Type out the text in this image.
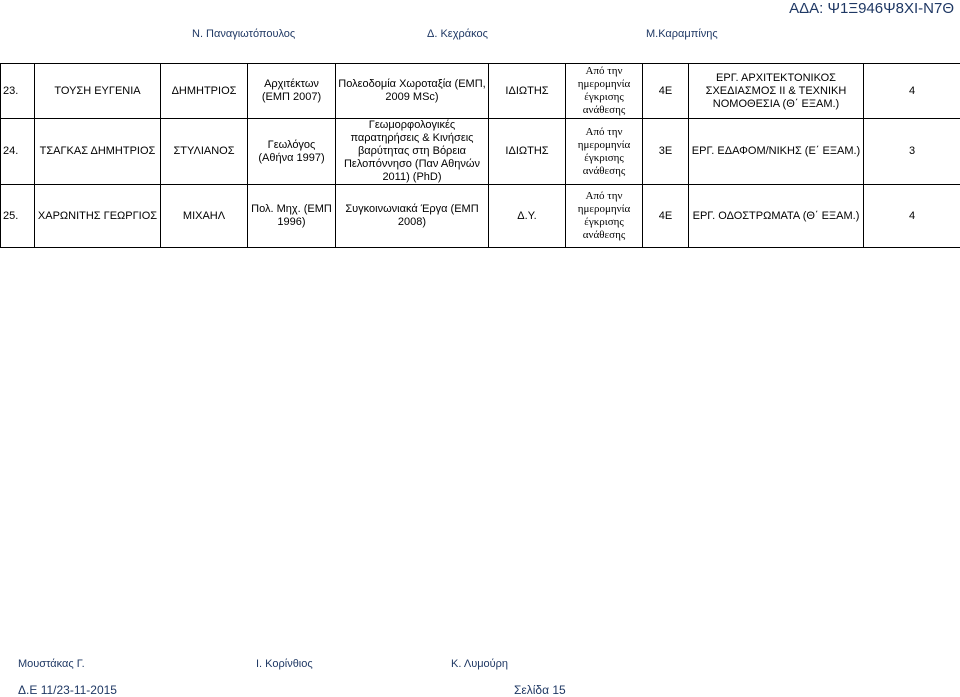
ΑΔΑ: Ψ1Ξ946Ψ8ΧΙ-Ν7Θ
Ν. Παναγιωτόπουλος	Δ. Κεχράκος	Μ.Καραμπίνης
23.	ΤΟΥΣΗ ΕΥΓΕΝΙΑ	ΔΗΜΗΤΡΙΟΣ	Αρχιτέκτων (ΕΜΠ 2007)	Πολεοδομία Χωροταξία (ΕΜΠ, 2009 MSc)	ΙΔΙΩΤΗΣ	Από την ημερομηνία έγκρισης ανάθεσης	4Ε	ΕΡΓ. ΑΡΧΙΤΕΚΤΟΝΙΚΟΣ ΣΧΕΔΙΑΣΜΟΣ ΙΙ & ΤΕΧΝΙΚΗ ΝΟΜΟΘΕΣΙΑ (Θ΄ ΕΞΑΜ.)	4
24.	ΤΣΑΓΚΑΣ ΔΗΜΗΤΡΙΟΣ	ΣΤΥΛΙΑΝΟΣ	Γεωλόγος (Αθήνα 1997)	Γεωμορφολογικές παρατηρήσεις & Κινήσεις βαρύτητας στη Βόρεια Πελοπόννησο (Παν Αθηνών 2011) (PhD)	ΙΔΙΩΤΗΣ	Από την ημερομηνία έγκρισης ανάθεσης	3Ε	ΕΡΓ. ΕΔΑΦΟΜ/ΝΙΚΗΣ (Ε΄ ΕΞΑΜ.)	3
25.	ΧΑΡΩΝΙΤΗΣ ΓΕΩΡΓΙΟΣ	ΜΙΧΑΗΛ	Πολ. Μηχ. (ΕΜΠ 1996)	Συγκοινωνιακά Έργα (ΕΜΠ 2008)	Δ.Υ.	Από την ημερομηνία έγκρισης ανάθεσης	4Ε	ΕΡΓ. ΟΔΟΣΤΡΩΜΑΤΑ (Θ΄ ΕΞΑΜ.)	4
Μουστάκας Γ.	Ι. Κορίνθιος	Κ. Λυμούρη
Δ.Ε 11/23-11-2015	Σελίδα 15
